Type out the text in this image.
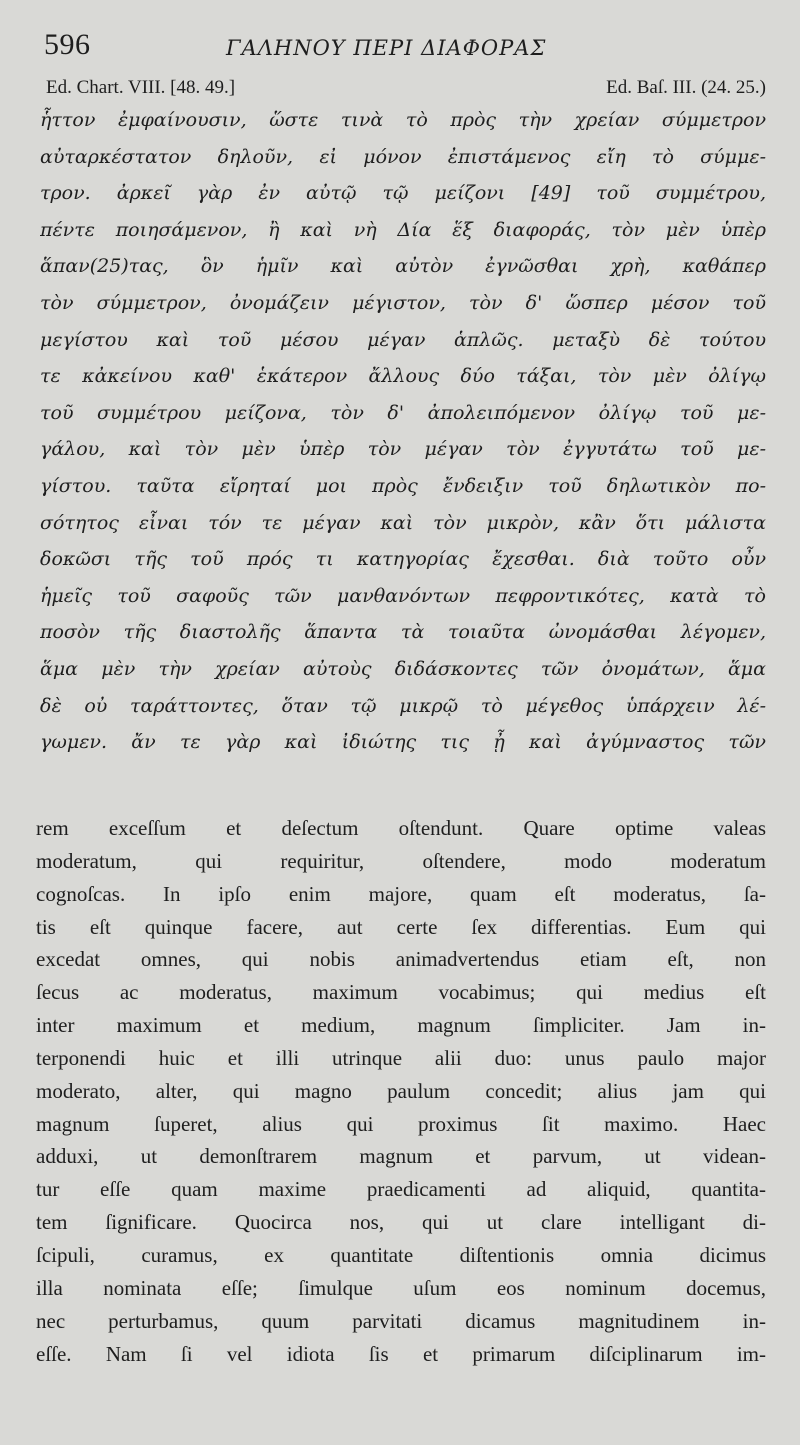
596	ΓΑΛΗΝΟΥ ΠΕΡΙ ΔΙΑΦΟΡΑΣ
Ed. Chart. VIII. [48. 49.]	Ed. Baſ. III. (24. 25.)
ἧττον ἐμφαίνουσιν, ὥστε τινὰ τὸ πρὸς τὴν χρείαν σύμμετρον
αὐταρκέστατον δηλοῦν, εἰ μόνον ἐπιστάμενος εἴη τὸ σύμμε-
τρον. ἀρκεῖ γὰρ ἐν αὐτῷ τῷ μείζονι [49] τοῦ συμμέτρου,
πέντε ποιησάμενον, ἢ καὶ νὴ Δία ἕξ διαφοράς, τὸν μὲν ὑπὲρ
ἅπαν(25)τας, ὃν ἡμῖν καὶ αὐτὸν ἐγνῶσθαι χρὴ, καθάπερ
τὸν σύμμετρον, ὀνομάζειν μέγιστον, τὸν δ' ὥσπερ μέσον τοῦ
μεγίστου καὶ τοῦ μέσου μέγαν ἁπλῶς. μεταξὺ δὲ τούτου
τε κἀκείνου καθ' ἑκάτερον ἄλλους δύο τάξαι, τὸν μὲν ὀλίγῳ
τοῦ συμμέτρου μείζονα, τὸν δ' ἀπολειπόμενον ὀλίγῳ τοῦ με-
γάλου, καὶ τὸν μὲν ὑπὲρ τὸν μέγαν τὸν ἐγγυτάτω τοῦ με-
γίστου. ταῦτα εἴρηταί μοι πρὸς ἔνδειξιν τοῦ δηλωτικὸν πο-
σότητος εἶναι τόν τε μέγαν καὶ τὸν μικρὸν, κἂν ὅτι μάλιστα
δοκῶσι τῆς τοῦ πρός τι κατηγορίας ἔχεσθαι. διὰ τοῦτο οὖν
ἡμεῖς τοῦ σαφοῦς τῶν μανθανόντων πεφροντικότες, κατὰ τὸ
ποσὸν τῆς διαστολῆς ἅπαντα τὰ τοιαῦτα ὠνομάσθαι λέγομεν,
ἅμα μὲν τὴν χρείαν αὐτοὺς διδάσκοντες τῶν ὀνομάτων, ἅμα
δὲ οὐ ταράττοντες, ὅταν τῷ μικρῷ τὸ μέγεθος ὑπάρχειν λέ-
γωμεν. ἄν τε γὰρ καὶ ἰδιώτης τις ᾖ καὶ ἀγύμναστος τῶν
rem exceſſum et deſectum oſtendunt. Quare optime valeas
moderatum, qui requiritur, oſtendere, modo moderatum
cognoſcas. In ipſo enim majore, quam eſt moderatus, ſa-
tis eſt quinque facere, aut certe ſex differentias. Eum qui
excedat omnes, qui nobis animadvertendus etiam eſt, non
ſecus ac moderatus, maximum vocabimus; qui medius eſt
inter maximum et medium, magnum ſimpliciter. Jam in-
terponendi huic et illi utrinque alii duo: unus paulo major
moderato, alter, qui magno paulum concedit; alius jam qui
magnum ſuperet, alius qui proximus ſit maximo. Haec
adduxi, ut demonſtrarem magnum et parvum, ut videan-
tur eſſe quam maxime praedicamenti ad aliquid, quantita-
tem ſignificare. Quocirca nos, qui ut clare intelligant di-
ſcipuli, curamus, ex quantitate diſtentionis omnia dicimus
illa nominata eſſe; ſimulque uſum eos nominum docemus,
nec perturbamus, quum parvitati dicamus magnitudinem in-
eſſe. Nam ſi vel idiota ſis et primarum diſciplinarum im-
